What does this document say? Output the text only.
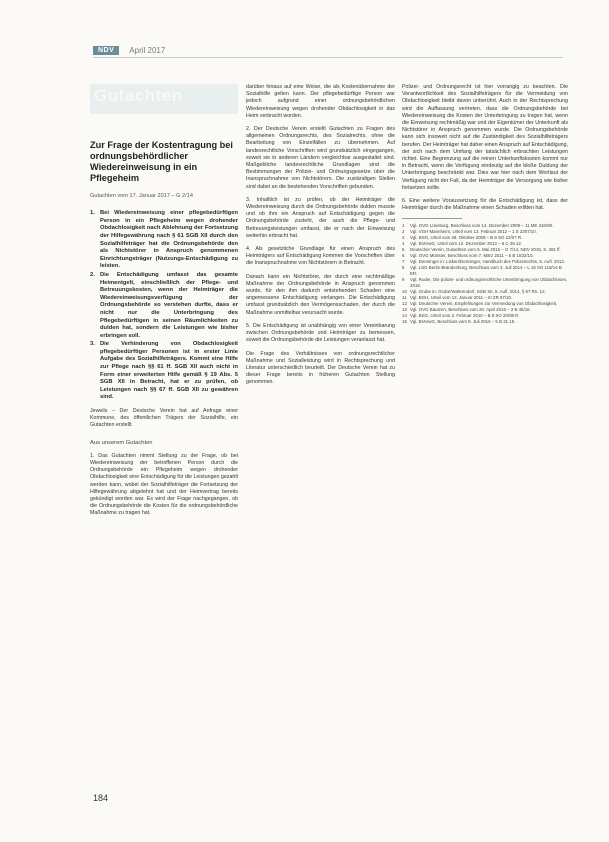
NDV	April 2017
Gutachten
Zur Frage der Kostentragung bei ordnungsbehördlicher Wiedereinweisung in ein Pflegeheim
Gutachten vom 17. Januar 2017 – G 2/14
1. Bei Wiedereinweisung einer pflegebedürftigen Person in ein Pflegeheim wegen drohender Obdachlosigkeit nach Ablehnung der Fortsetzung der Hilfegewährung nach § 61 SGB XII durch den Sozialhilfeträger hat die Ordnungsbehörde den als Nichtstörer in Anspruch genommenen Einrichtungsträger (Nutzungs-Entschädigung zu leisten.
2. Die Entschädigung umfasst das gesamte Heimentgelt, einschließlich der Pflege- und Betreuungskosten, wenn der Heimträger die Wiedereinweisungsverfügung der Ordnungsbehörde so verstehen durfte, dass er nicht nur die Unterbringung des Pflegebedürftigen in seinen Räumlichkeiten zu dulden hat, sondern die Leistungen wie bisher erbringen soll.
3. Die Verhinderung von Obdachlosigkeit pflegebedürftiger Personen ist in erster Linie Aufgabe des Sozialhilfeträgers. Kommt eine Hilfe zur Pflege nach §§ 61 ff. SGB XII auch nicht in Form einer erweiterten Hilfe gemäß § 19 Abs. 5 SGB XII in Betracht, hat er zu prüfen, ob Leistungen nach §§ 67 ff. SGB XII zu gewähren sind.

Jeweils – Der Deutsche Verein hat auf Anfrage einer Kommune, des öffentlichen Trägers der Sozialhilfe, ein Gutachten erstellt.

Aus unserem Gutachten

1. Das Gutachten nimmt Stellung zu der Frage, ob bei Wiedereinweisung der betroffenen Person durch die Ordnungsbehörde ein Pflegeheim wegen drohender Obdachlosigkeit eine Entschädigung für die Leistungen gezahlt werden kann, wobei der Sozialhilfeträger die Fortsetzung der Hilfegewährung abgelehnt hat und der Heimvertrag bereits gekündigt worden war. Es wird der Frage nachgegangen, ob die Ordnungsbehörde die Kosten für die ordnungsbehördliche Maßnahme zu tragen hat.

darüber hinaus auf eine Weise, die als Kostenübernahme der Sozialhilfe gelten kann. Der pflegebedürftige Person war jedoch aufgrund einer ordnungsbehördlichen Wiedereinweisung wegen drohender Obdachlosigkeit in das Heim verbracht worden.

2. Der Deutsche Verein erstellt Gutachten zu Fragen des allgemeinen Ordnungsrechts, des Sozialrechts, ohne die Bearbeitung von Einzelfällen zu übernehmen. Auf landesrechtliche Vorschriften wird grundsätzlich eingegangen, soweit sie in anderen Ländern vergleichbar ausgestaltet sind. Maßgebliche landesrechtliche Grundlagen sind die Bestimmungen der Polizei- und Ordnungsgesetze über die Inanspruchnahme von Nichtstörern. Die zuständigen Stellen sind dabei an die bestehenden Vorschriften gebunden.

3. Inhaltlich ist zu prüfen, ob der Heimträger die Wiedereinweisung durch die Ordnungsbehörde dulden musste und ob ihm ein Anspruch auf Entschädigung gegen die Ordnungsbehörde zusteht, der auch die Pflege- und Betreuungsleistungen umfasst, die er nach der Einweisung weiterhin erbracht hat.

4. Als gesetzliche Grundlage für einen Anspruch des Heimträgers auf Entschädigung kommen die Vorschriften über die Inanspruchnahme von Nichtstörern in Betracht.

Danach kann ein Nichtstörer, der durch eine rechtmäßige Maßnahme der Ordnungsbehörde in Anspruch genommen wurde, für den ihm dadurch entstehenden Schaden eine angemessene Entschädigung verlangen. Die Entschädigung umfasst grundsätzlich den Vermögensschaden, der durch die Maßnahme unmittelbar verursacht wurde.

5. Die Entschädigung ist unabhängig von einer Vereinbarung zwischen Ordnungsbehörde und Heimträger zu bemessen, soweit die Ordnungsbehörde die Leistungen veranlasst hat.

Die Frage des Verhältnisses von ordnungsrechtlicher Maßnahme und Sozialleistung wird in Rechtsprechung und Literatur unterschiedlich beurteilt. Der Deutsche Verein hat zu dieser Frage bereits in früheren Gutachten Stellung genommen.

Polizei- und Ordnungsrecht ist hier vorrangig zu beachten. Die Verantwortlichkeit des Sozialhilfeträgers für die Vermeidung von Obdachlosigkeit bleibt davon unberührt. Auch in der Rechtsprechung wird die Auffassung vertreten, dass die Ordnungsbehörde bei Wiedereinweisung die Kosten der Unterbringung zu tragen hat, wenn die Einweisung rechtmäßig war und der Eigentümer der Unterkunft als Nichtstörer in Anspruch genommen wurde. Die Ordnungsbehörde kann sich insoweit nicht auf die Zuständigkeit des Sozialhilfeträgers berufen. Der Heimträger hat daher einen Anspruch auf Entschädigung, der sich nach dem Umfang der tatsächlich erbrachten Leistungen richtet. Eine Begrenzung auf die reinen Unterkunftskosten kommt nur in Betracht, wenn die Verfügung eindeutig auf die bloße Duldung der Unterbringung beschränkt war. Dies war hier nach dem Wortlaut der Verfügung nicht der Fall, da der Heimträger die Versorgung wie bisher fortsetzen sollte.

6. Eine weitere Voraussetzung für die Entschädigung ist, dass der Heimträger durch die Maßnahme einen Schaden erlitten hat.

1	Vgl. OVG Lüneburg, Beschluss vom 14. Dezember 2009 – 11 ME 316/09.
2	Vgl. VGH Mannheim, Urteil vom 13. Februar 2012 – 1 S 2307/10.
3	Vgl. BSG, Urteil vom 28. Oktober 2008 – B 8 SO 22/07 R.
4	Vgl. BVerwG, Urteil vom 12. Dezember 2013 – 5 C 28.12.
5	Deutscher Verein, Gutachten vom 5. Mai 2015 – G 7/14, NDV 2015, S. 381 ff.
6	Vgl. OVG Münster, Beschluss vom 7. März 2011 – 5 B 1532/10.
7	Vgl. Denninger in: Lisken/Denninger, Handbuch des Polizeirechts, 5. Aufl. 2012.
8	Vgl. LSG Berlin-Brandenburg, Beschluss vom 3. Juli 2014 – L 15 SO 118/14 B ER.
9	Vgl. Ruder, Die polizei- und ordnungsrechtliche Unterbringung von Obdachlosen, 2015.
10 Vgl. Grube in: Grube/Wahrendorf, SGB XII, 5. Aufl. 2014, § 67 Rn. 12.
11 Vgl. BGH, Urteil vom 13. Januar 2011 – III ZR 87/10.
12 Vgl. Deutscher Verein, Empfehlungen zur Vermeidung von Obdachlosigkeit.
13 Vgl. OVG Bautzen, Beschluss vom 20. April 2016 – 3 B 45/16.
14 Vgl. BSG, Urteil vom 2. Februar 2010 – B 8 SO 20/08 R.
15 Vgl. BVerwG, Beschluss vom 8. Juli 2015 – 5 B 31.15.
184
